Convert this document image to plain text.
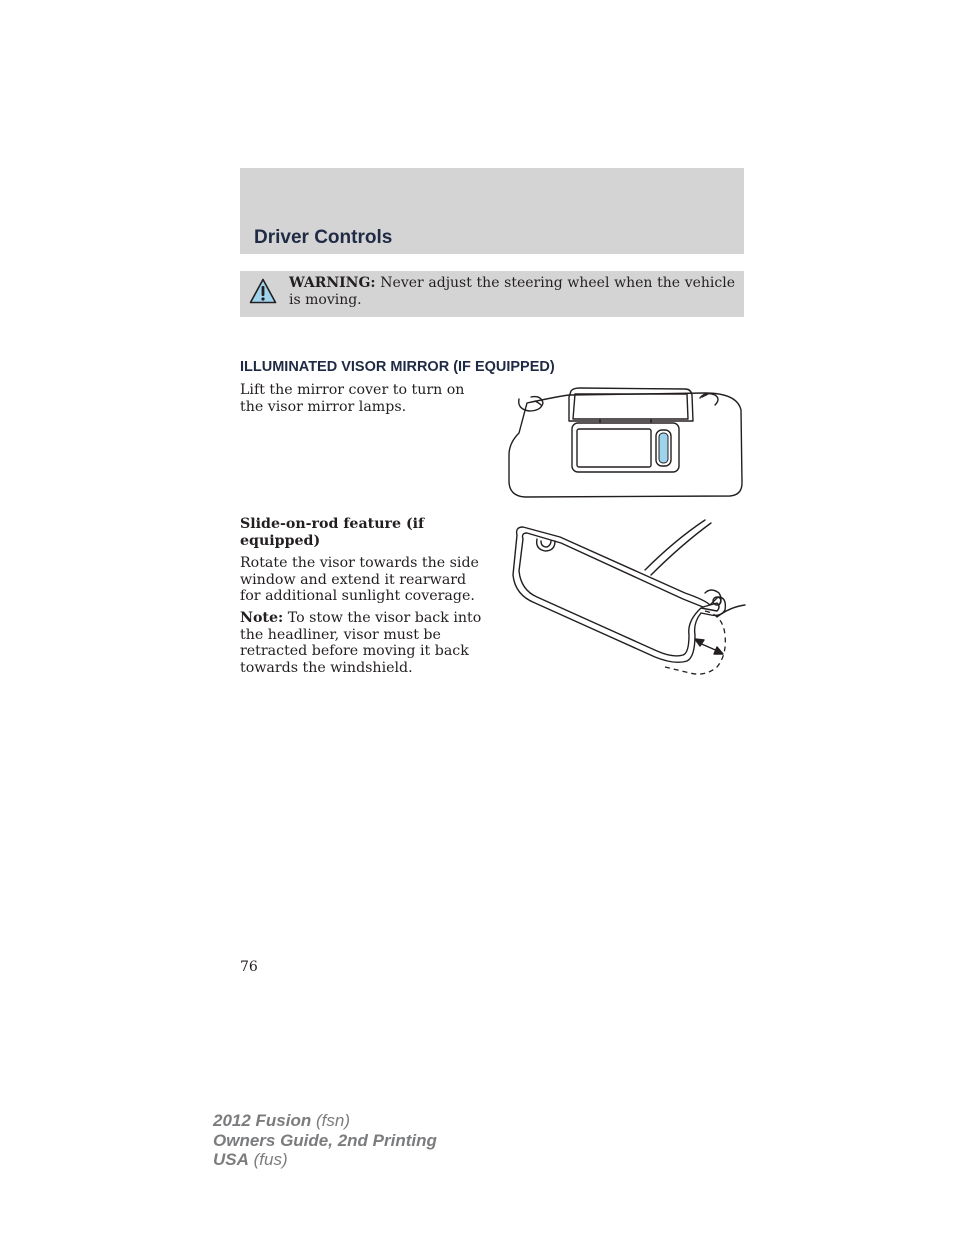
Driver Controls

WARNING: Never adjust the steering wheel when the vehicle is moving.

ILLUMINATED VISOR MIRROR (IF EQUIPPED)

Lift the mirror cover to turn on the visor mirror lamps.

Slide-on-rod feature (if equipped)

Rotate the visor towards the side window and extend it rearward for additional sunlight coverage.

Note: To stow the visor back into the headliner, visor must be retracted before moving it back towards the windshield.

76

2012 Fusion (fsn)
Owners Guide, 2nd Printing
USA (fus)
